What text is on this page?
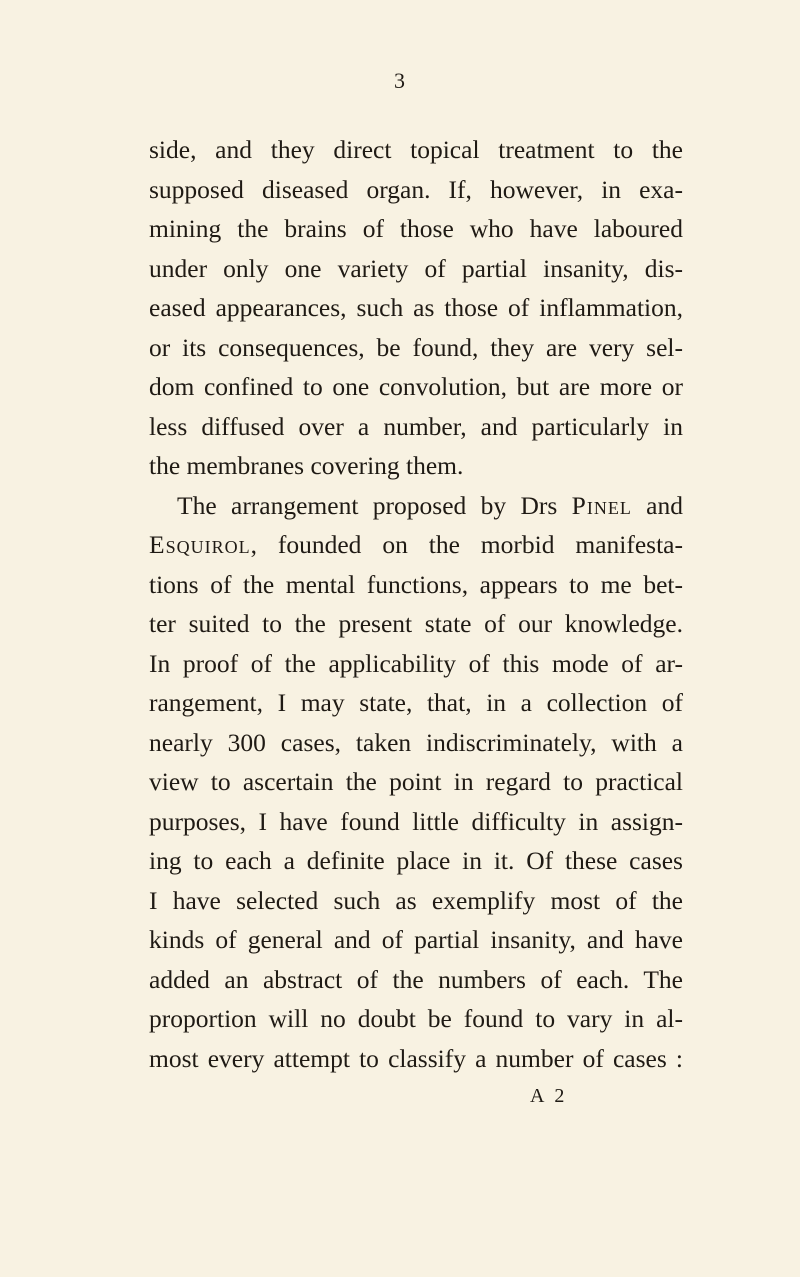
3
side, and they direct topical treatment to the
supposed diseased organ. If, however, in exa-
mining the brains of those who have laboured
under only one variety of partial insanity, dis-
eased appearances, such as those of inflammation,
or its consequences, be found, they are very sel-
dom confined to one convolution, but are more or
less diffused over a number, and particularly in
the membranes covering them.
The arrangement proposed by Drs Pinel and
Esquirol, founded on the morbid manifesta-
tions of the mental functions, appears to me bet-
ter suited to the present state of our knowledge.
In proof of the applicability of this mode of ar-
rangement, I may state, that, in a collection of
nearly 300 cases, taken indiscriminately, with a
view to ascertain the point in regard to practical
purposes, I have found little difficulty in assign-
ing to each a definite place in it. Of these cases
I have selected such as exemplify most of the
kinds of general and of partial insanity, and have
added an abstract of the numbers of each. The
proportion will no doubt be found to vary in al-
most every attempt to classify a number of cases :
A 2
